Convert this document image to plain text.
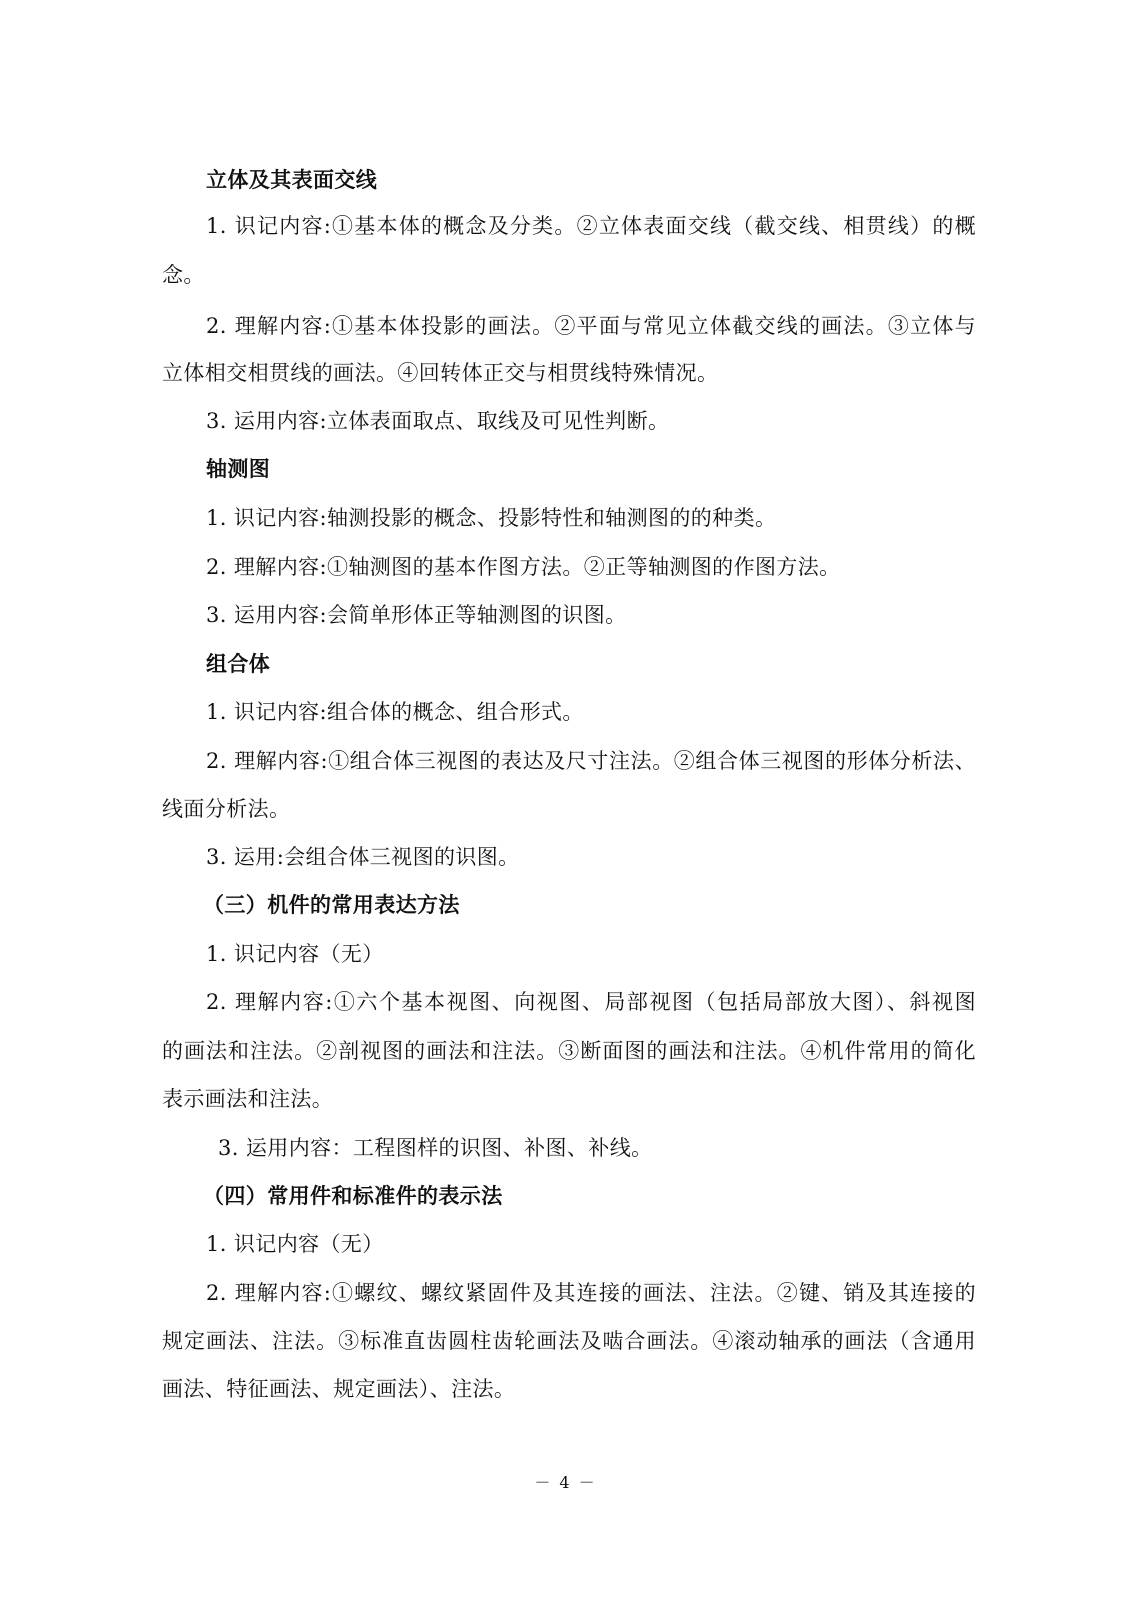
立体及其表面交线
1. 识记内容:①基本体的概念及分类。②立体表面交线（截交线、相贯线）的概
念。
2. 理解内容:①基本体投影的画法。②平面与常见立体截交线的画法。③立体与
立体相交相贯线的画法。④回转体正交与相贯线特殊情况。
3. 运用内容:立体表面取点、取线及可见性判断。
轴测图
1. 识记内容:轴测投影的概念、投影特性和轴测图的的种类。
2. 理解内容:①轴测图的基本作图方法。②正等轴测图的作图方法。
3. 运用内容:会简单形体正等轴测图的识图。
组合体
1. 识记内容:组合体的概念、组合形式。
2. 理解内容:①组合体三视图的表达及尺寸注法。②组合体三视图的形体分析法、
线面分析法。
3. 运用:会组合体三视图的识图。
（三）机件的常用表达方法
1. 识记内容（无）
2. 理解内容:①六个基本视图、向视图、局部视图（包括局部放大图）、斜视图
的画法和注法。②剖视图的画法和注法。③断面图的画法和注法。④机件常用的简化
表示画法和注法。
3. 运用内容：工程图样的识图、补图、补线。
（四）常用件和标准件的表示法
1. 识记内容（无）
2. 理解内容:①螺纹、螺纹紧固件及其连接的画法、注法。②键、销及其连接的
规定画法、注法。③标准直齿圆柱齿轮画法及啮合画法。④滚动轴承的画法（含通用
画法、特征画法、规定画法）、注法。
－ 4 －
